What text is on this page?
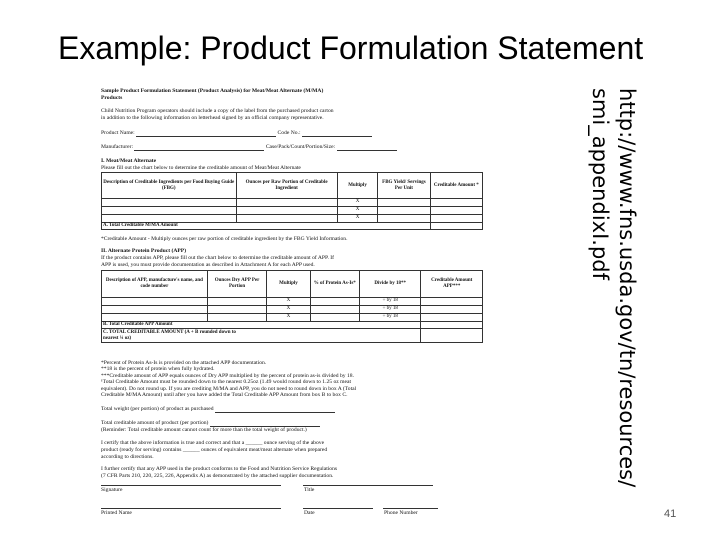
Example: Product Formulation Statement

Sample Product Formulation Statement (Product Analysis) for Meat/Meat Alternate (M/MA)

Products

Child Nutrition Program operators should include a copy of the label from the purchased product carton

in addition to the following information on letterhead signed by an official company representative.

Product Name:	Code No.:

Manufacturer:	Case/Pack/Count/Portion/Size:

I. Meat/Meat Alternate

Please fill out the chart below to determine the creditable amount of Meat/Meat Alternate

Description of Creditable Ingredients per Food Buying Guide (FBG)	Ounces per Raw Portion of Creditable Ingredient	Multiply	FBG Yield/ Servings Per Unit	Creditable Amount *
		X		
		X		
		X		
A. Total Creditable M/MA Amount				

*Creditable Amount - Multiply ounces per raw portion of creditable ingredient by the FBG Yield Information.

II. Alternate Protein Product (APP)

If the product contains APP, please fill out the chart below to determine the creditable amount of APP. If

APP is used, you must provide documentation as described in Attachment A for each APP used.

Description of APP, manufacture's name, and code number	Ounces Dry APP Per Portion	Multiply	% of Protein As-Is*	Divide by 18**	Creditable Amount APP***
		X		÷ by 18	
		X		÷ by 18	
		X		÷ by 18	
B. Total Creditable APP Amount					
C. TOTAL CREDITABLE AMOUNT (A + B rounded down to
nearest ¼ oz)					

*Percent of Protein As-Is is provided on the attached APP documentation.

**18 is the percent of protein when fully hydrated.

***Creditable amount of APP equals ounces of Dry APP multiplied by the percent of protein as-is divided by 18.

¹Total Creditable Amount must be rounded down to the nearest 0.25oz (1.49 would round down to 1.25 oz meat

equivalent). Do not round up. If you are crediting M/MA and APP, you do not need to round down in box A (Total

Creditable M/MA Amount) until after you have added the Total Creditable APP Amount from box B to box C.

Total weight (per portion) of product as purchased

Total creditable amount of product (per portion)

(Reminder: Total creditable amount cannot count for more than the total weight of product.)

I certify that the above information is true and correct and that a ______ ounce serving of the above

product (ready for serving) contains ______ ounces of equivalent meat/meat alternate when prepared

according to directions.

I further certify that any APP used in the product conforms to the Food and Nutrition Service Regulations

(7 CFR Parts 210, 220, 225, 226, Appendix A) as demonstrated by the attached supplier documentation.

Signature	Title

Printed Name	Date	Phone Number

http://www.fns.usda.gov/tn/resources/
smi_appendixI.pdf
41
